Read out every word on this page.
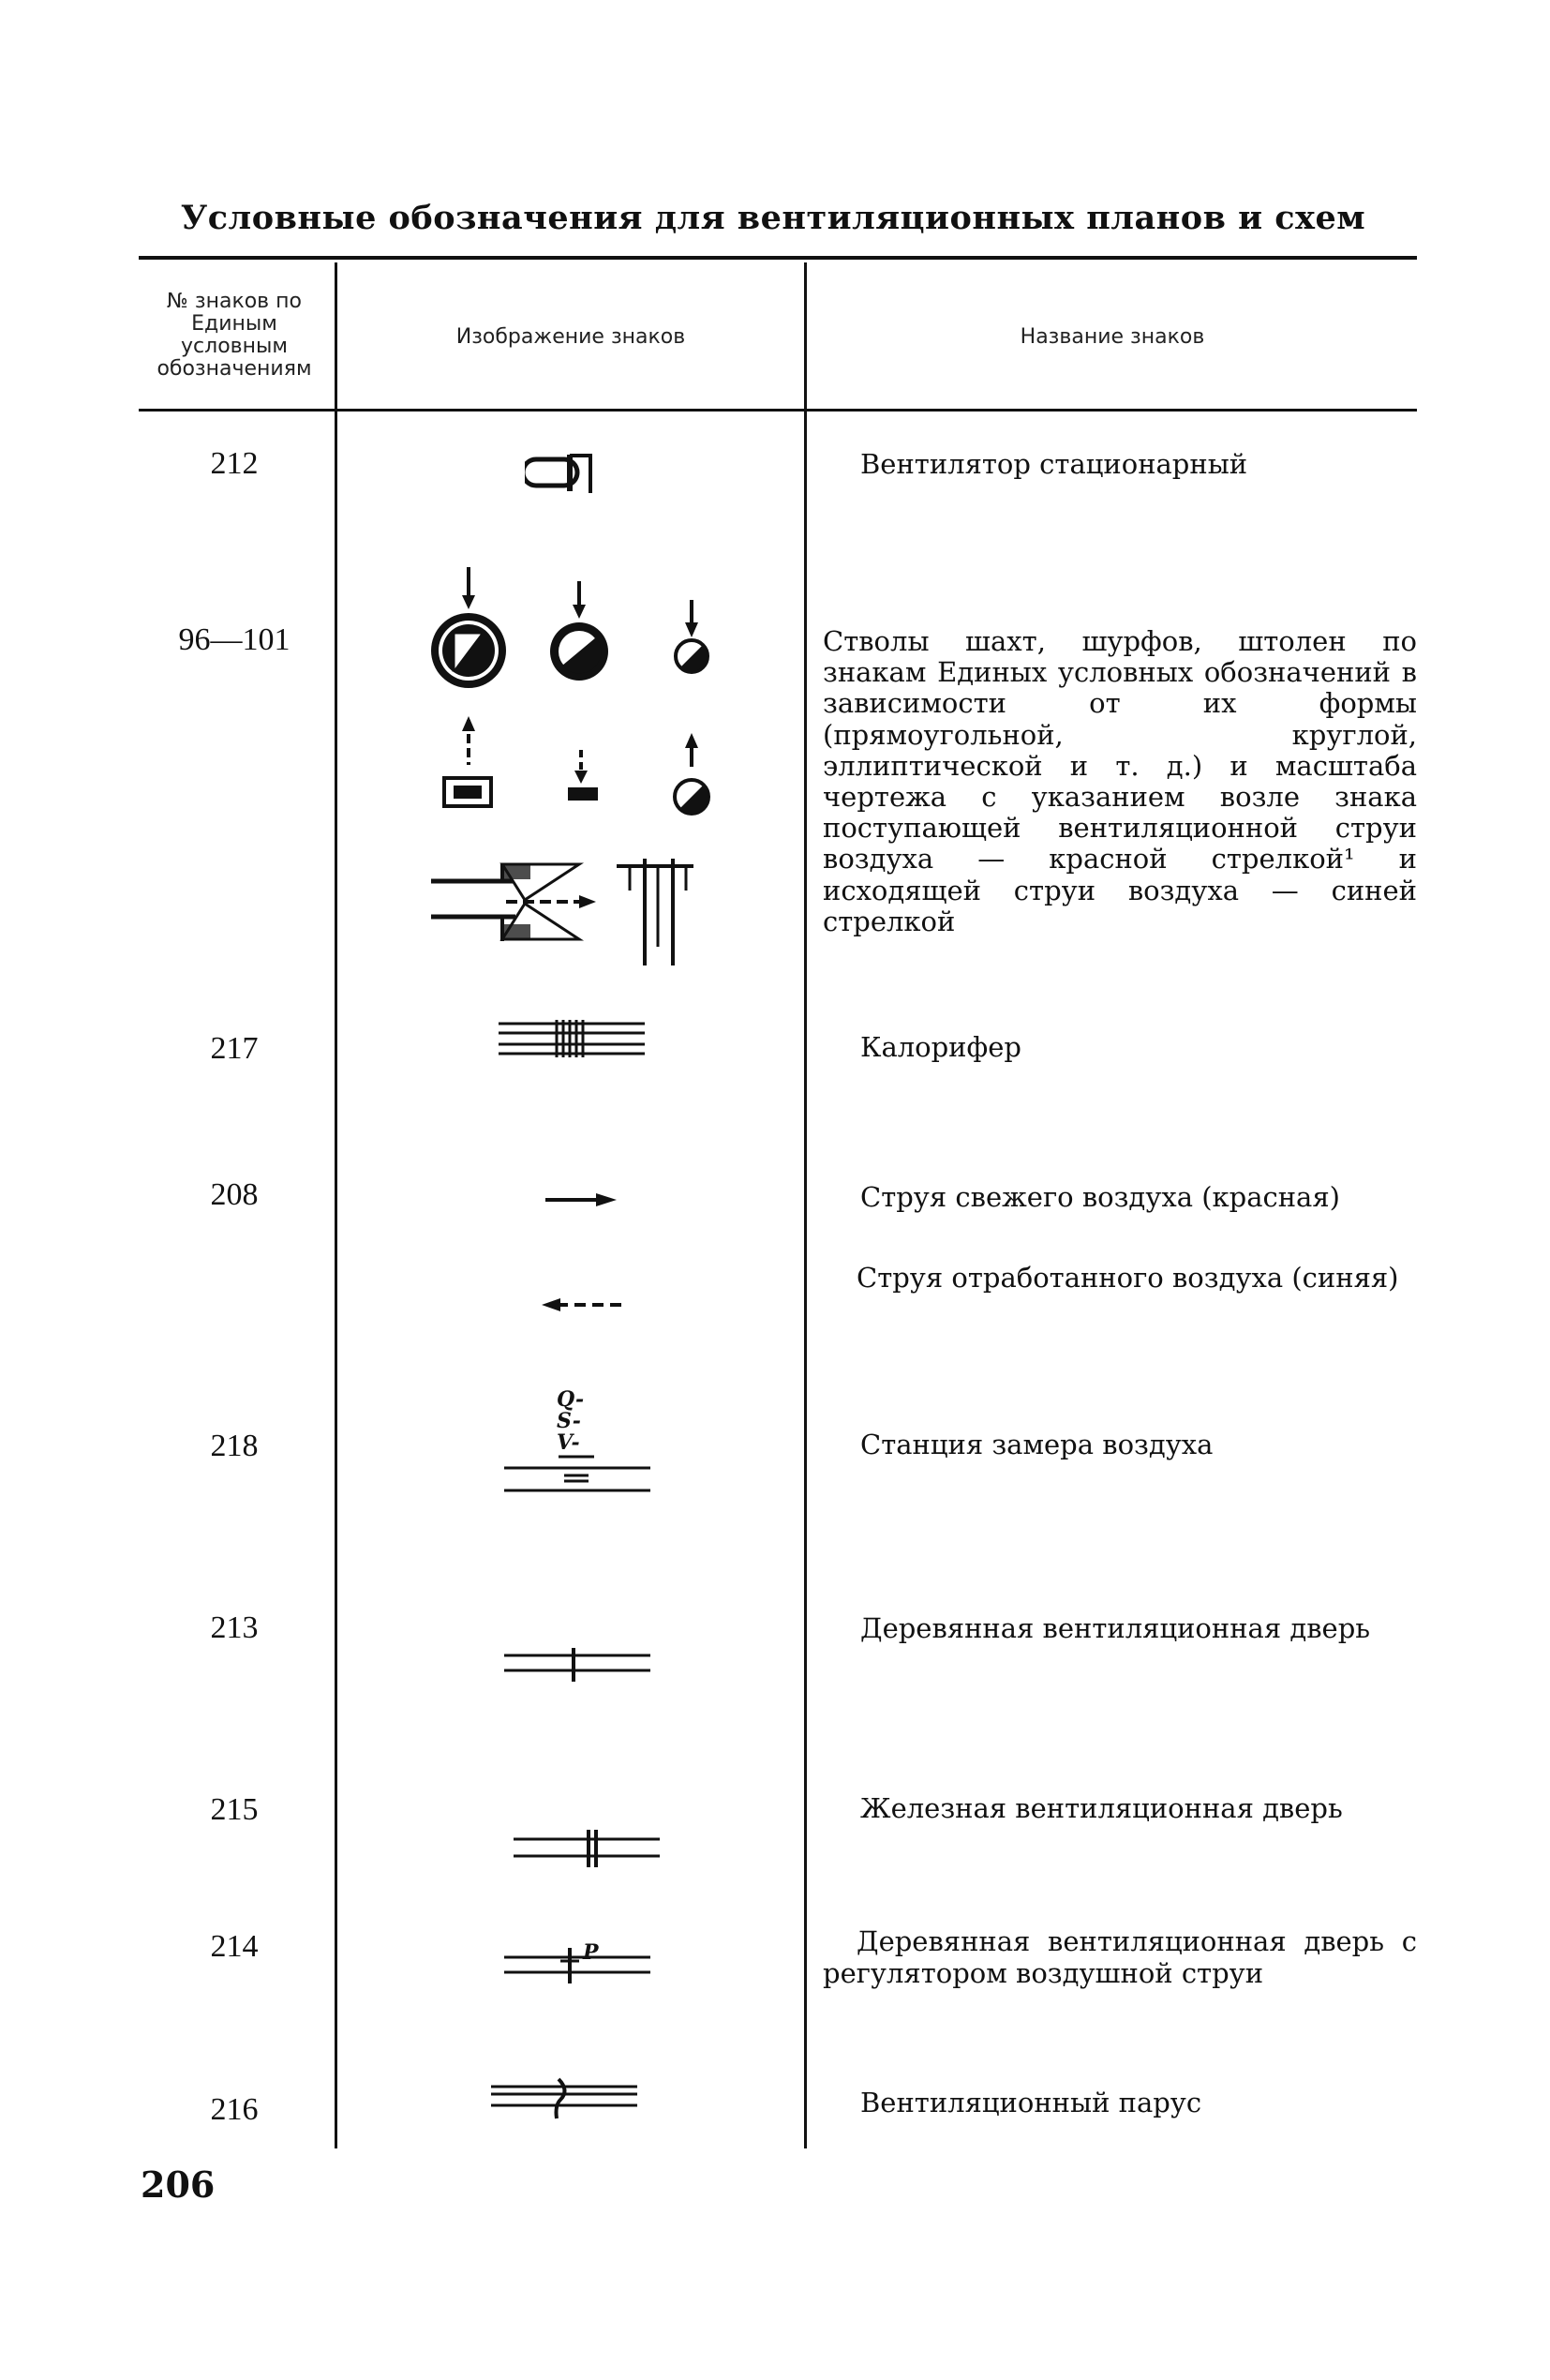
Условные обозначения для вентиляционных планов и схем
№ знаков по Единым условным обозначениям
Изображение знаков	Название знаков
212
96—101
217
208
218
213
215
214
216
Вентилятор стационарный
Стволы шахт, шурфов, штолен по знакам Единых условных обозначений в зависимости от их формы (прямоугольной, круглой, эллиптической и т. д.) и масштаба чертежа с указанием возле знака поступающей вентиляционной струи воздуха — красной стрелкой¹ и исходящей струи воздуха — синей стрелкой
Калорифер
Струя свежего воздуха (красная)
Струя отработанного воздуха (синяя)
Станция замера воздуха
Деревянная вентиляционная дверь
Железная вентиляционная дверь
Деревянная вентиляционная дверь с регулятором воздушной струи
Вентиляционный парус
Q-
S-
V-
P
206
